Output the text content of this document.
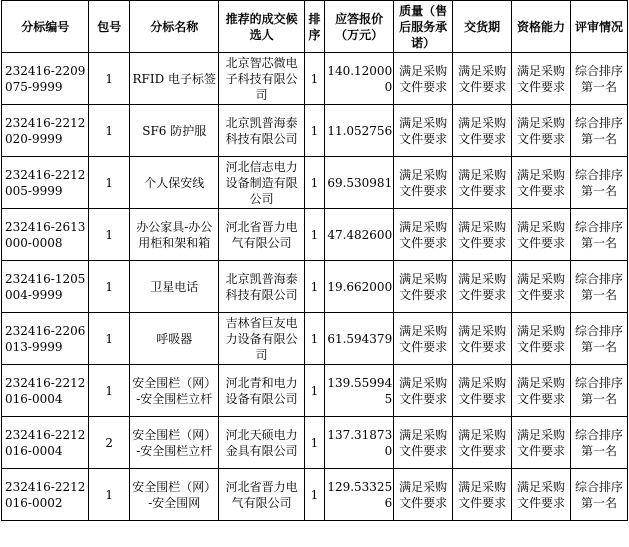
分标编号	包号	分标名称	推荐的成交候选人	排序	应答报价（万元）	质量（售后服务承诺）	交货期	资格能力	评审情况
232416-2209075-9999	1	RFID 电子标签	北京智芯微电子科技有限公司	1	140.120000	满足采购文件要求	满足采购文件要求	满足采购文件要求	综合排序第一名
232416-2212020-9999	1	SF6 防护服	北京凯普海泰科技有限公司	1	11.052756	满足采购文件要求	满足采购文件要求	满足采购文件要求	综合排序第一名
232416-2212005-9999	1	个人保安线	河北信志电力设备制造有限公司	1	69.530981	满足采购文件要求	满足采购文件要求	满足采购文件要求	综合排序第一名
232416-2613000-0008	1	办公家具-办公用柜和架和箱	河北省晋力电气有限公司	1	47.482600	满足采购文件要求	满足采购文件要求	满足采购文件要求	综合排序第一名
232416-1205004-9999	1	卫星电话	北京凯普海泰科技有限公司	1	19.662000	满足采购文件要求	满足采购文件要求	满足采购文件要求	综合排序第一名
232416-2206013-9999	1	呼吸器	吉林省巨友电力设备有限公司	1	61.594379	满足采购文件要求	满足采购文件要求	满足采购文件要求	综合排序第一名
232416-2212016-0004	1	安全围栏（网）-安全围栏立杆	河北青和电力设备有限公司	1	139.559945	满足采购文件要求	满足采购文件要求	满足采购文件要求	综合排序第一名
232416-2212016-0004	2	安全围栏（网）-安全围栏立杆	河北天硕电力金具有限公司	1	137.318730	满足采购文件要求	满足采购文件要求	满足采购文件要求	综合排序第一名
232416-2212016-0002	1	安全围栏（网）-安全围网	河北省晋力电气有限公司	1	129.533256	满足采购文件要求	满足采购文件要求	满足采购文件要求	综合排序第一名
